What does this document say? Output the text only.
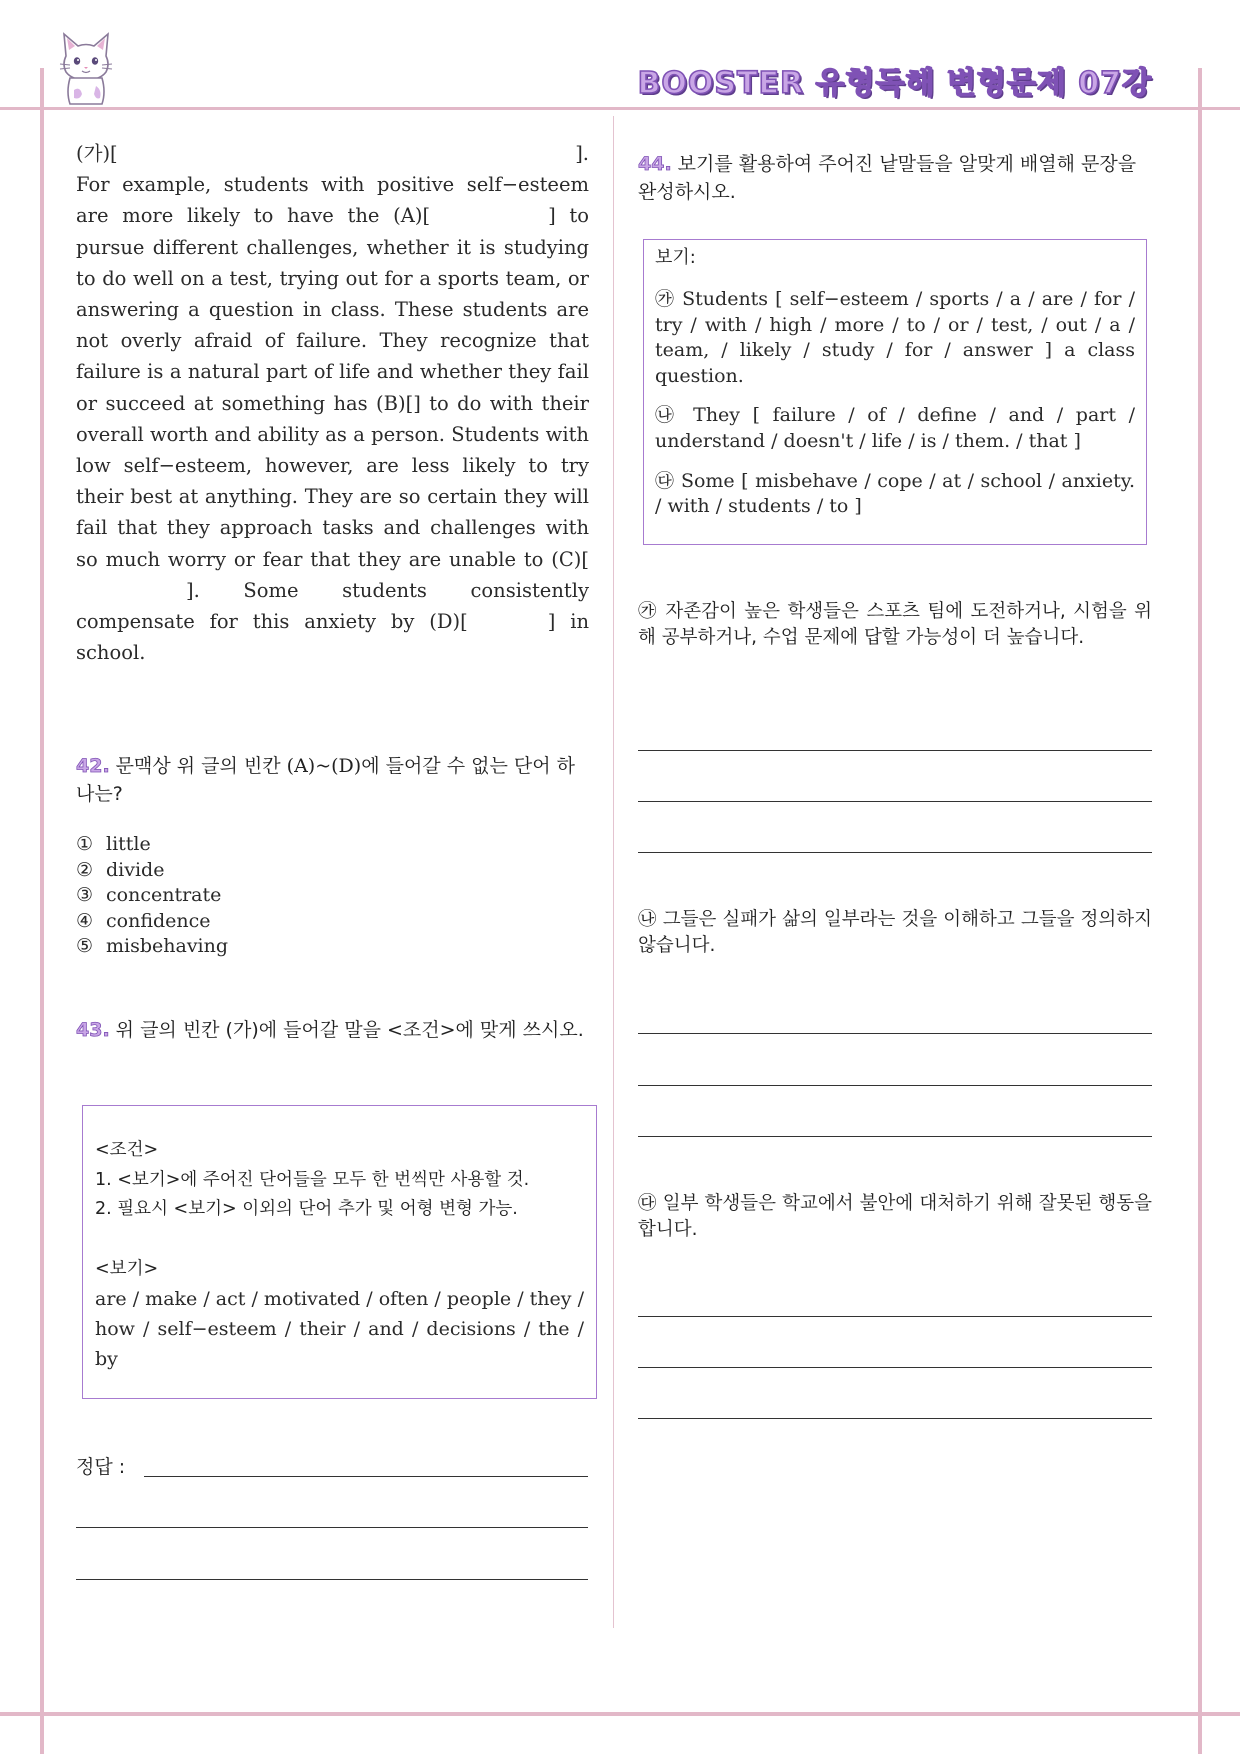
BOOSTER 유형독해 변형문제 07강
(가)[	].
For example, students with positive self−esteem are more likely to have the (A)[	] to pursue different challenges, whether it is studying to do well on a test, trying out for a sports team, or answering a question in class. These students are not overly afraid of failure. They recognize that failure is a natural part of life and whether they fail or succeed at something has (B)[] to do with their overall worth and ability as a person. Students with low self−esteem, however, are less likely to try their best at anything. They are so certain they will fail that they approach tasks and challenges with so much worry or fear that they are unable to (C)[]. Some students consistently compensate for this anxiety by (D)[	] in school.
42. 문맥상 위 글의 빈칸 (A)~(D)에 들어갈 수 없는 단어 하나는?
① little
② divide
③ concentrate
④ confidence
⑤ misbehaving
43. 위 글의 빈칸 (가)에 들어갈 말을 <조건>에 맞게 쓰시오.
<조건>
1. <보기>에 주어진 단어들을 모두 한 번씩만 사용할 것.
2. 필요시 <보기> 이외의 단어 추가 및 어형 변형 가능.
<보기>
are / make / act / motivated / often / people / they / how / self−esteem / their / and / decisions / the / by
정답 :
44. 보기를 활용하여 주어진 낱말들을 알맞게 배열해 문장을 완성하시오.
보기:
㉮ Students [ self−esteem / sports / a / are / for / try / with / high / more / to / or / test, / out / a / team, / likely / study / for / answer ] a class question.
㉯ They [ failure / of / define / and / part / understand / doesn't / life / is / them. / that ]
㉰ Some [ misbehave / cope / at / school / anxiety. / with / students / to ]
㉮ 자존감이 높은 학생들은 스포츠 팀에 도전하거나, 시험을 위해 공부하거나, 수업 문제에 답할 가능성이 더 높습니다.
㉯ 그들은 실패가 삶의 일부라는 것을 이해하고 그들을 정의하지 않습니다.
㉰ 일부 학생들은 학교에서 불안에 대처하기 위해 잘못된 행동을 합니다.
